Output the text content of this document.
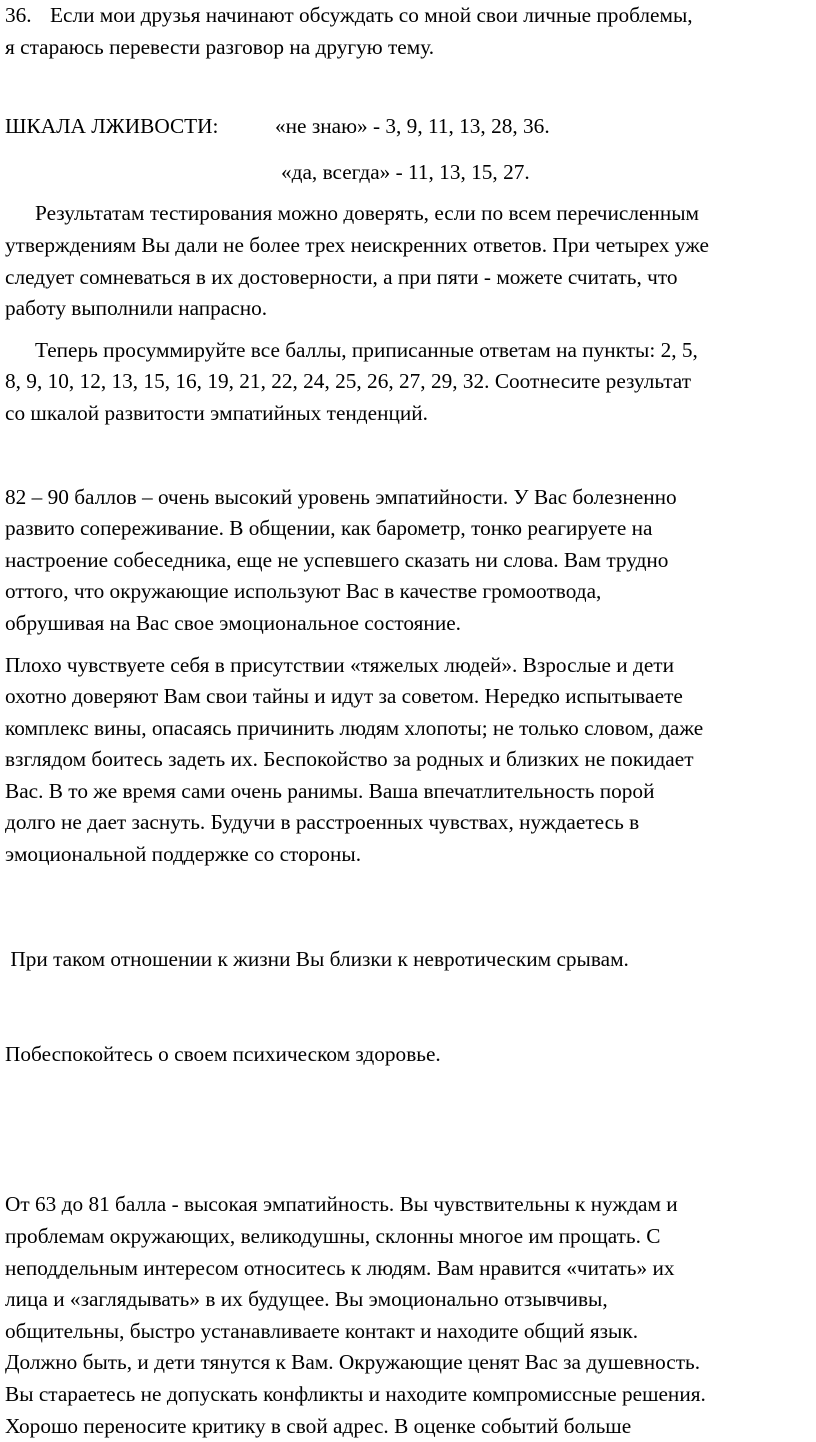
36. Если мои друзья начинают обсуждать со мной свои личные проблемы,
я стараюсь перевести разговор на другую тему.
ШКАЛА ЛЖИВОСТИ:	«не знаю» - 3, 9, 11, 13, 28, 36.
«да, всегда» - 11, 13, 15, 27.
Результатам тестирования можно доверять, если по всем перечисленным
утверждениям Вы дали не более трех неискренних ответов. При четырех уже
следует сомневаться в их достоверности, а при пяти - можете считать, что
работу выполнили напрасно.
Теперь просуммируйте все баллы, приписанные ответам на пункты: 2, 5,
8, 9, 10, 12, 13, 15, 16, 19, 21, 22, 24, 25, 26, 27, 29, 32. Соотнесите результат
со шкалой развитости эмпатийных тенденций.
82 – 90 баллов – очень высокий уровень эмпатийности. У Вас болезненно
развито сопереживание. В общении, как барометр, тонко реагируете на
настроение собеседника, еще не успевшего сказать ни слова. Вам трудно
оттого, что окружающие используют Вас в качестве громоотвода,
обрушивая на Вас свое эмоциональное состояние.
Плохо чувствуете себя в присутствии «тяжелых людей». Взрослые и дети
охотно доверяют Вам свои тайны и идут за советом. Нередко испытываете
комплекс вины, опасаясь причинить людям хлопоты; не только словом, даже
взглядом боитесь задеть их. Беспокойство за родных и близких не покидает
Вас. В то же время сами очень ранимы. Ваша впечатлительность порой
долго не дает заснуть. Будучи в расстроенных чувствах, нуждаетесь в
эмоциональной поддержке со стороны.

При таком отношении к жизни Вы близки к невротическим срывам.

Побеспокойтесь о своем психическом здоровье.

От 63 до 81 балла - высокая эмпатийность. Вы чувствительны к нуждам и
проблемам окружающих, великодушны, склонны многое им прощать. С
неподдельным интересом относитесь к людям. Вам нравится «читать» их
лица и «заглядывать» в их будущее. Вы эмоционально отзывчивы,
общительны, быстро устанавливаете контакт и находите общий язык.
Должно быть, и дети тянутся к Вам. Окружающие ценят Вас за душевность.
Вы стараетесь не допускать конфликты и находите компромиссные решения.
Хорошо переносите критику в свой адрес. В оценке событий больше
